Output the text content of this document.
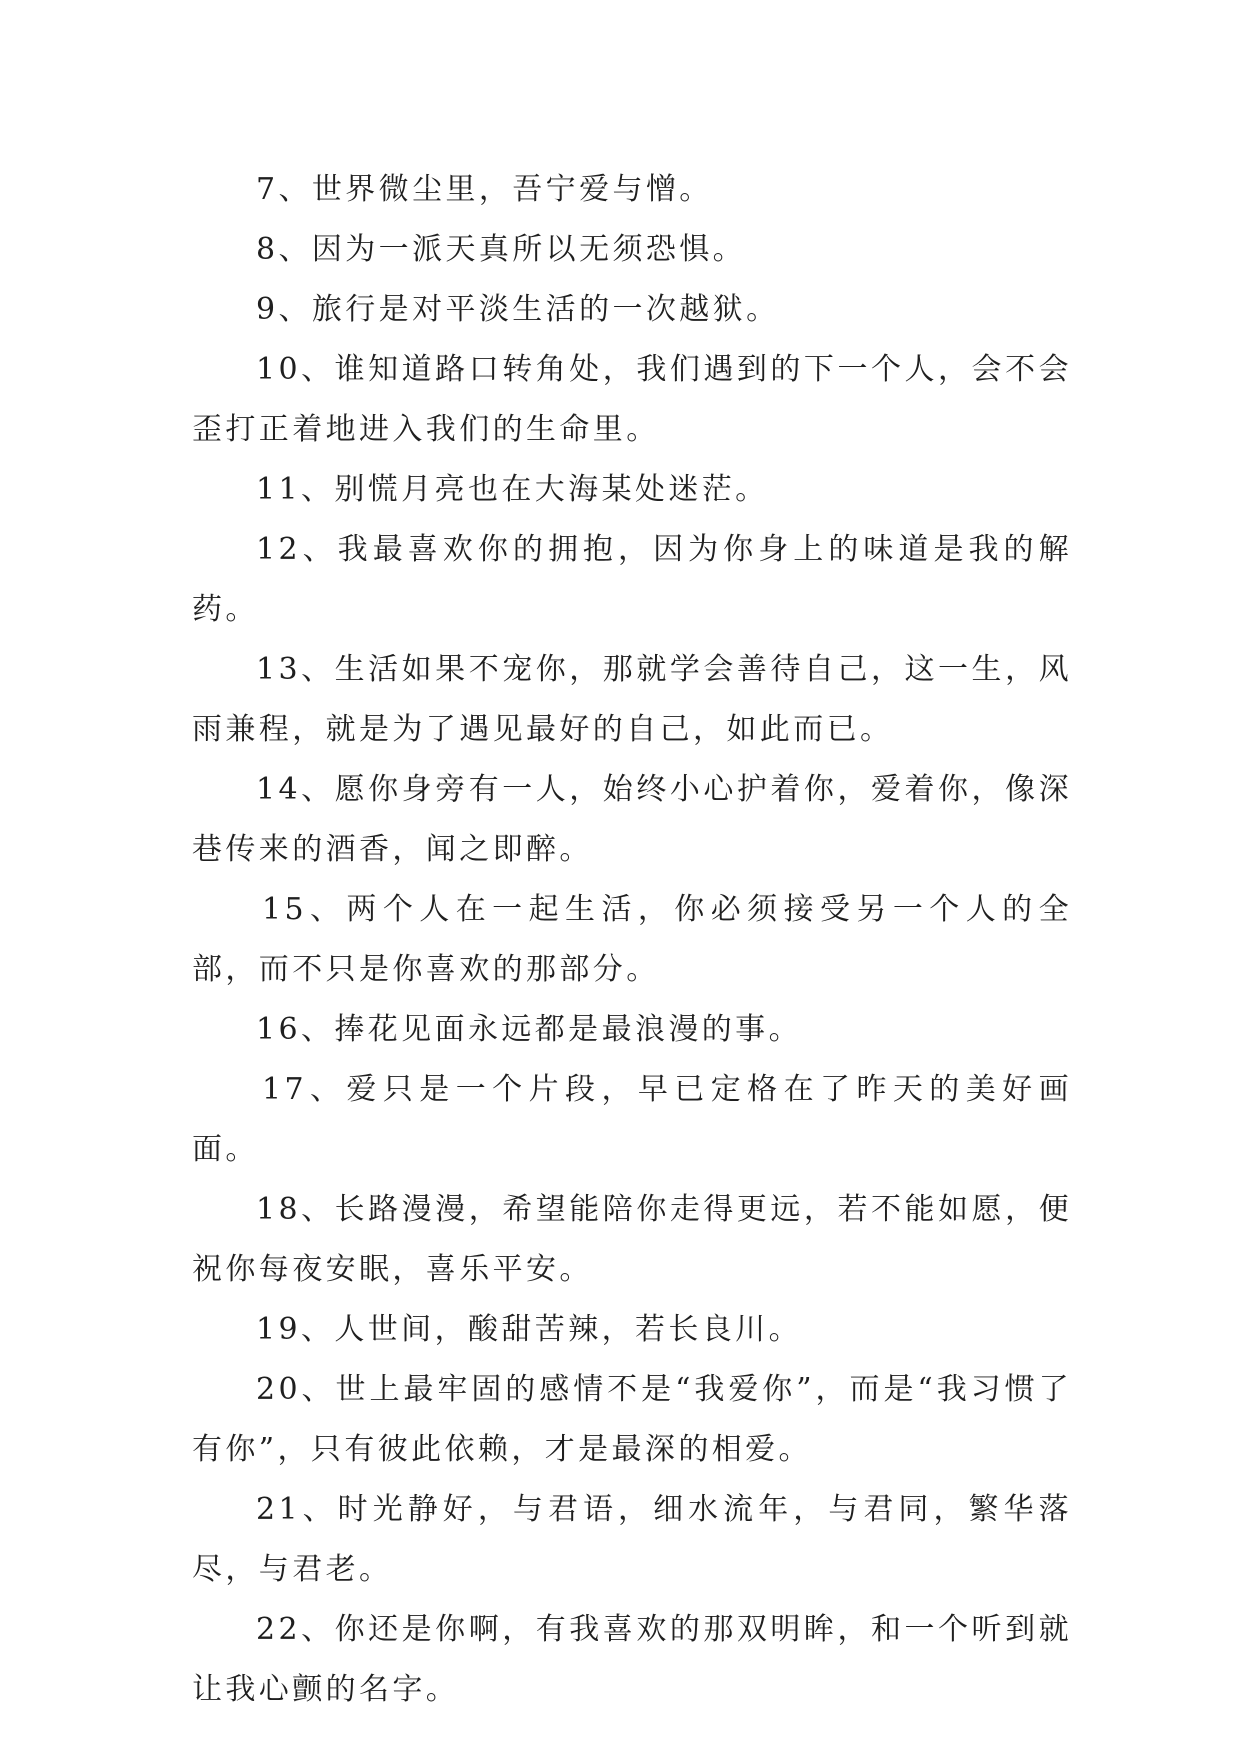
7、世界微尘里，吾宁爱与憎。

8、因为一派天真所以无须恐惧。

9、旅行是对平淡生活的一次越狱。

10、谁知道路口转角处，我们遇到的下一个人，会不会歪打正着地进入我们的生命里。

11、别慌月亮也在大海某处迷茫。

12、我最喜欢你的拥抱，因为你身上的味道是我的解药。

13、生活如果不宠你，那就学会善待自己，这一生，风雨兼程，就是为了遇见最好的自己，如此而已。

14、愿你身旁有一人，始终小心护着你，爱着你，像深巷传来的酒香，闻之即醉。

15、两个人在一起生活，你必须接受另一个人的全部，而不只是你喜欢的那部分。

16、捧花见面永远都是最浪漫的事。

17、爱只是一个片段，早已定格在了昨天的美好画面。

18、长路漫漫，希望能陪你走得更远，若不能如愿，便祝你每夜安眠，喜乐平安。

19、人世间，酸甜苦辣，若长良川。

20、世上最牢固的感情不是“我爱你”，而是“我习惯了有你”，只有彼此依赖，才是最深的相爱。

21、时光静好，与君语，细水流年，与君同，繁华落尽，与君老。

22、你还是你啊，有我喜欢的那双明眸，和一个听到就让我心颤的名字。
